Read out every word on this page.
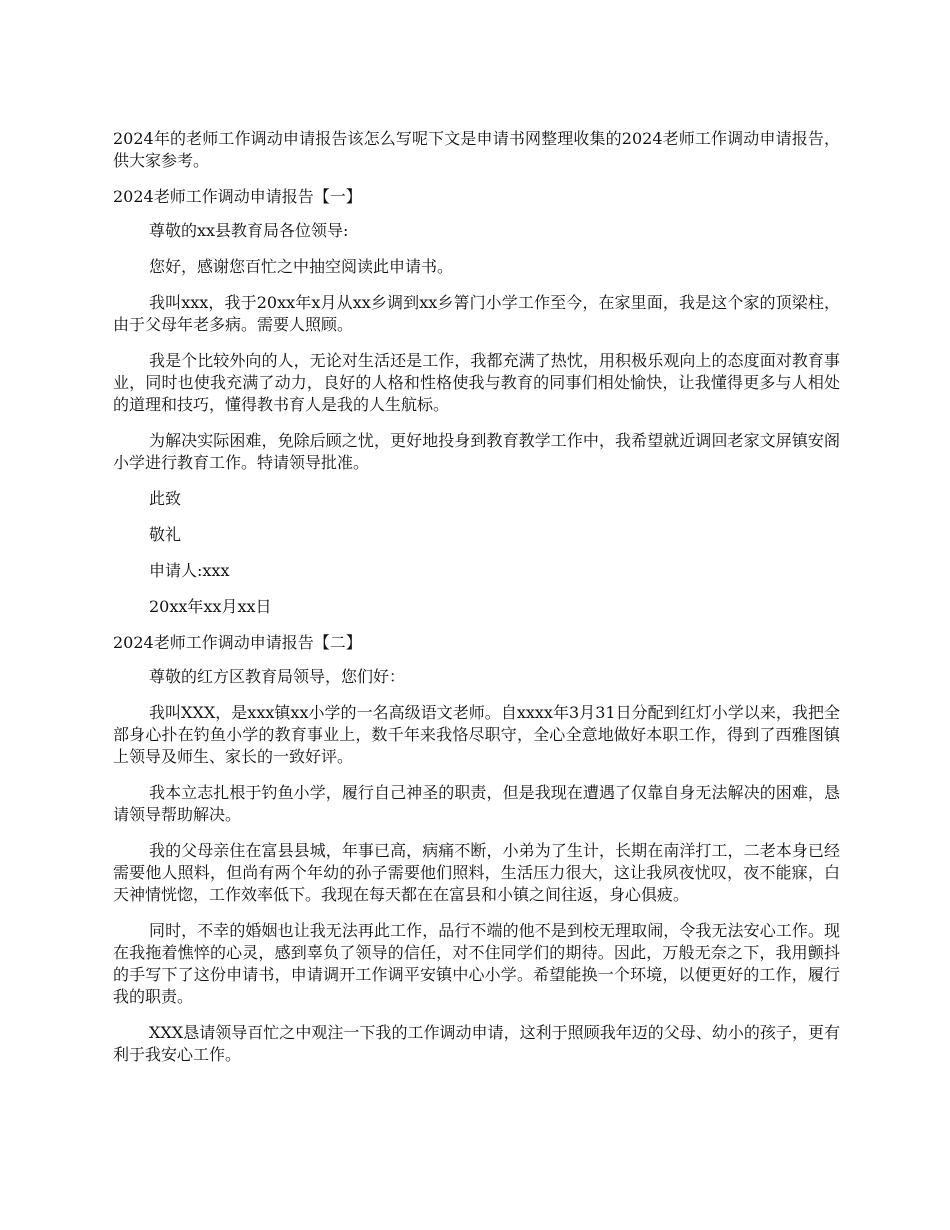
2024年的老师工作调动申请报告该怎么写呢下文是申请书网整理收集的2024老师工作调动申请报告，供大家参考。

2024老师工作调动申请报告【一】

尊敬的xx县教育局各位领导:

您好，感谢您百忙之中抽空阅读此申请书。

我叫xxx，我于20xx年x月从xx乡调到xx乡箐门小学工作至今，在家里面，我是这个家的顶梁柱，由于父母年老多病。需要人照顾。

我是个比较外向的人，无论对生活还是工作，我都充满了热忱，用积极乐观向上的态度面对教育事业，同时也使我充满了动力，良好的人格和性格使我与教育的同事们相处愉快，让我懂得更多与人相处的道理和技巧，懂得教书育人是我的人生航标。

为解决实际困难，免除后顾之忧，更好地投身到教育教学工作中，我希望就近调回老家文屏镇安阁小学进行教育工作。特请领导批准。

此致

敬礼

申请人:xxx

20xx年xx月xx日

2024老师工作调动申请报告【二】

尊敬的红方区教育局领导，您们好：

我叫XXX，是xxx镇xx小学的一名高级语文老师。自xxxx年3月31日分配到红灯小学以来，我把全部身心扑在钓鱼小学的教育事业上，数千年来我恪尽职守，全心全意地做好本职工作，得到了西雅图镇上领导及师生、家长的一致好评。

我本立志扎根于钓鱼小学，履行自己神圣的职责，但是我现在遭遇了仅靠自身无法解决的困难，恳请领导帮助解决。

我的父母亲住在富县县城，年事已高，病痛不断，小弟为了生计，长期在南洋打工，二老本身已经需要他人照料，但尚有两个年幼的孙子需要他们照料，生活压力很大，这让我夙夜忧叹，夜不能寐，白天神情恍惚，工作效率低下。我现在每天都在在富县和小镇之间往返，身心俱疲。

同时，不幸的婚姻也让我无法再此工作，品行不端的他不是到校无理取闹，令我无法安心工作。现在我拖着憔悴的心灵，感到辜负了领导的信任，对不住同学们的期待。因此，万般无奈之下，我用颤抖的手写下了这份申请书，申请调开工作调平安镇中心小学。希望能换一个环境，以便更好的工作，履行我的职责。

XXX恳请领导百忙之中观注一下我的工作调动申请，这利于照顾我年迈的父母、幼小的孩子，更有利于我安心工作。
